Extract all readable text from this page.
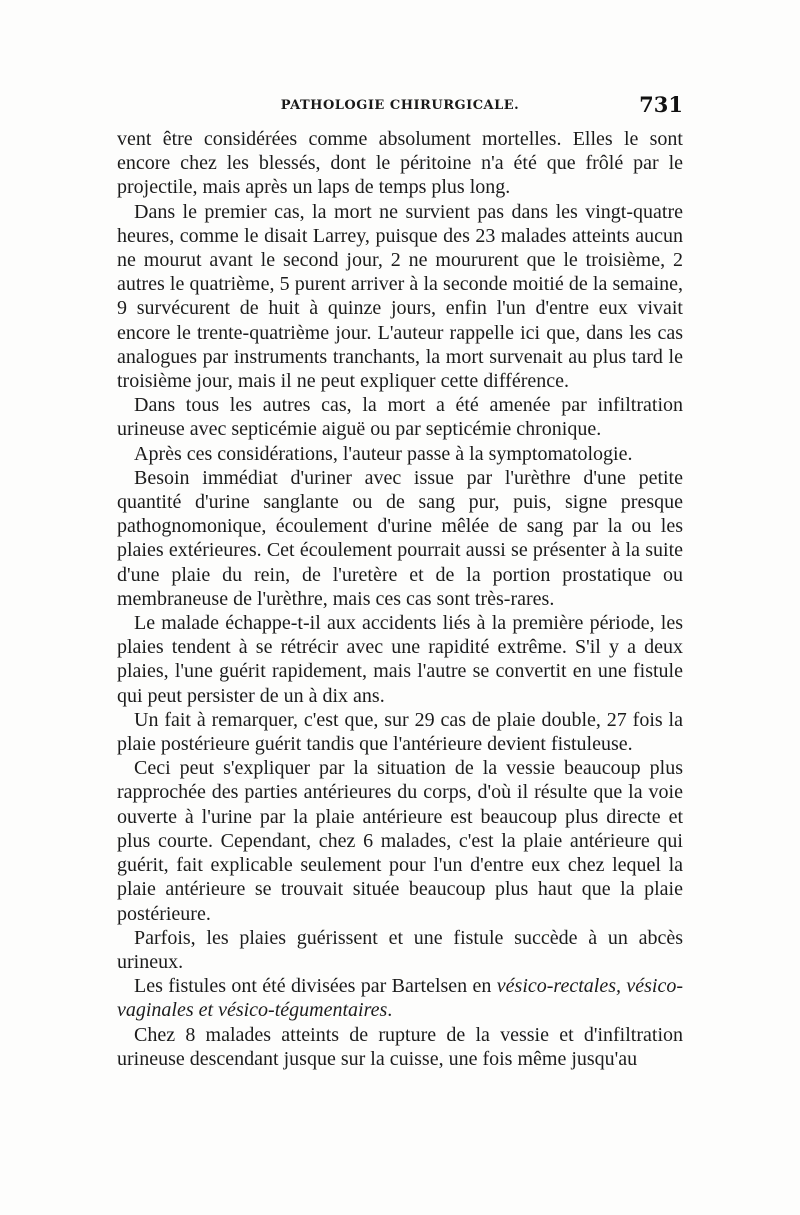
PATHOLOGIE CHIRURGICALE.	731

vent être considérées comme absolument mortelles. Elles le sont encore chez les blessés, dont le péritoine n'a été que frôlé par le projectile, mais après un laps de temps plus long.

Dans le premier cas, la mort ne survient pas dans les vingt-quatre heures, comme le disait Larrey, puisque des 23 malades atteints aucun ne mourut avant le second jour, 2 ne moururent que le troisième, 2 autres le quatrième, 5 purent arriver à la seconde moitié de la semaine, 9 survécurent de huit à quinze jours, enfin l'un d'entre eux vivait encore le trente-quatrième jour. L'auteur rappelle ici que, dans les cas analogues par instruments tranchants, la mort survenait au plus tard le troisième jour, mais il ne peut expliquer cette différence.

Dans tous les autres cas, la mort a été amenée par infiltration urineuse avec septicémie aiguë ou par septicémie chronique.

Après ces considérations, l'auteur passe à la symptomatologie.

Besoin immédiat d'uriner avec issue par l'urèthre d'une petite quantité d'urine sanglante ou de sang pur, puis, signe presque pathognomonique, écoulement d'urine mêlée de sang par la ou les plaies extérieures. Cet écoulement pourrait aussi se présenter à la suite d'une plaie du rein, de l'uretère et de la portion prostatique ou membraneuse de l'urèthre, mais ces cas sont très-rares.

Le malade échappe-t-il aux accidents liés à la première période, les plaies tendent à se rétrécir avec une rapidité extrême. S'il y a deux plaies, l'une guérit rapidement, mais l'autre se convertit en une fistule qui peut persister de un à dix ans.

Un fait à remarquer, c'est que, sur 29 cas de plaie double, 27 fois la plaie postérieure guérit tandis que l'antérieure devient fistuleuse.

Ceci peut s'expliquer par la situation de la vessie beaucoup plus rapprochée des parties antérieures du corps, d'où il résulte que la voie ouverte à l'urine par la plaie antérieure est beaucoup plus directe et plus courte. Cependant, chez 6 malades, c'est la plaie antérieure qui guérit, fait explicable seulement pour l'un d'entre eux chez lequel la plaie antérieure se trouvait située beaucoup plus haut que la plaie postérieure.

Parfois, les plaies guérissent et une fistule succède à un abcès urineux.

Les fistules ont été divisées par Bartelsen en vésico-rectales, vésico-vaginales et vésico-tégumentaires.

Chez 8 malades atteints de rupture de la vessie et d'infiltration urineuse descendant jusque sur la cuisse, une fois même jusqu'au
